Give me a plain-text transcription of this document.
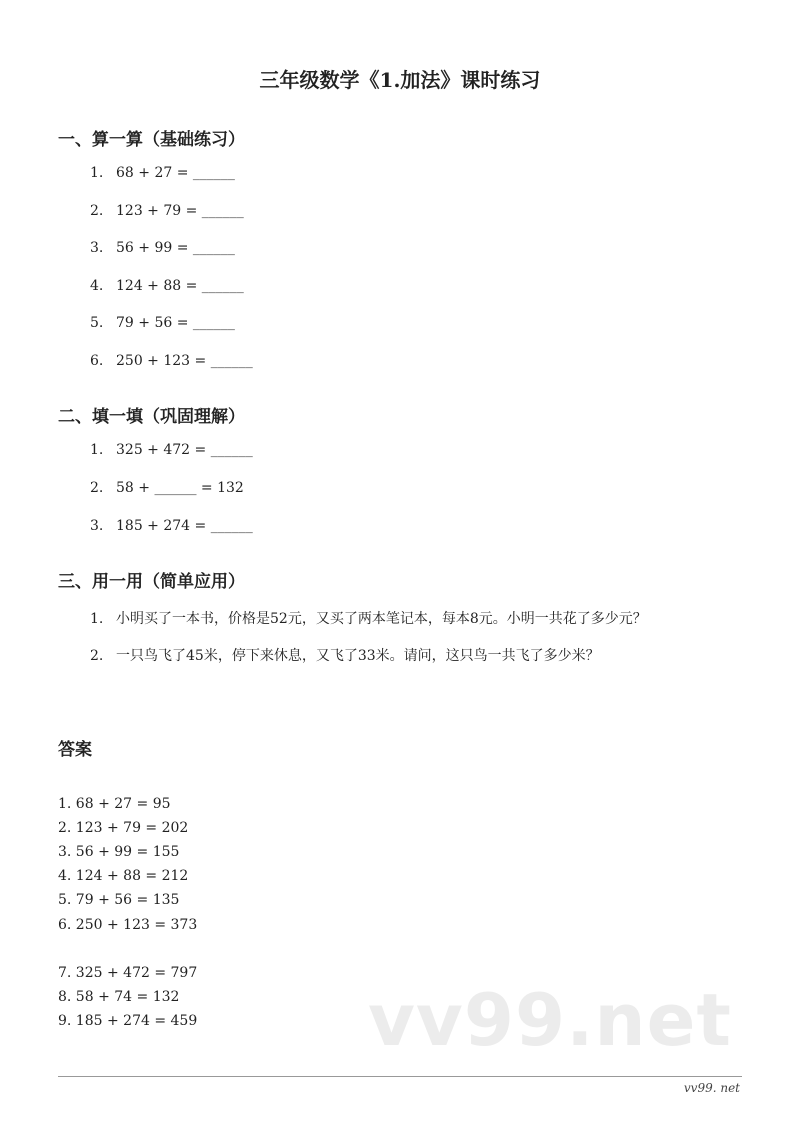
三年级数学《1.加法》课时练习
一、算一算（基础练习）
1. 68 + 27 = ______
2. 123 + 79 = ______
3. 56 + 99 = ______
4. 124 + 88 = ______
5. 79 + 56 = ______
6. 250 + 123 = ______
二、填一填（巩固理解）
1. 325 + 472 = ______
2. 58 + ______ = 132
3. 185 + 274 = ______
三、用一用（简单应用）
1. 小明买了一本书，价格是52元，又买了两本笔记本，每本8元。小明一共花了多少元？
2. 一只鸟飞了45米，停下来休息，又飞了33米。请问，这只鸟一共飞了多少米？
答案
1. 68 + 27 = 95
2. 123 + 79 = 202
3. 56 + 99 = 155
4. 124 + 88 = 212
5. 79 + 56 = 135
6. 250 + 123 = 373
7. 325 + 472 = 797
8. 58 + 74 = 132
9. 185 + 274 = 459 vv99.net
vv99. net
